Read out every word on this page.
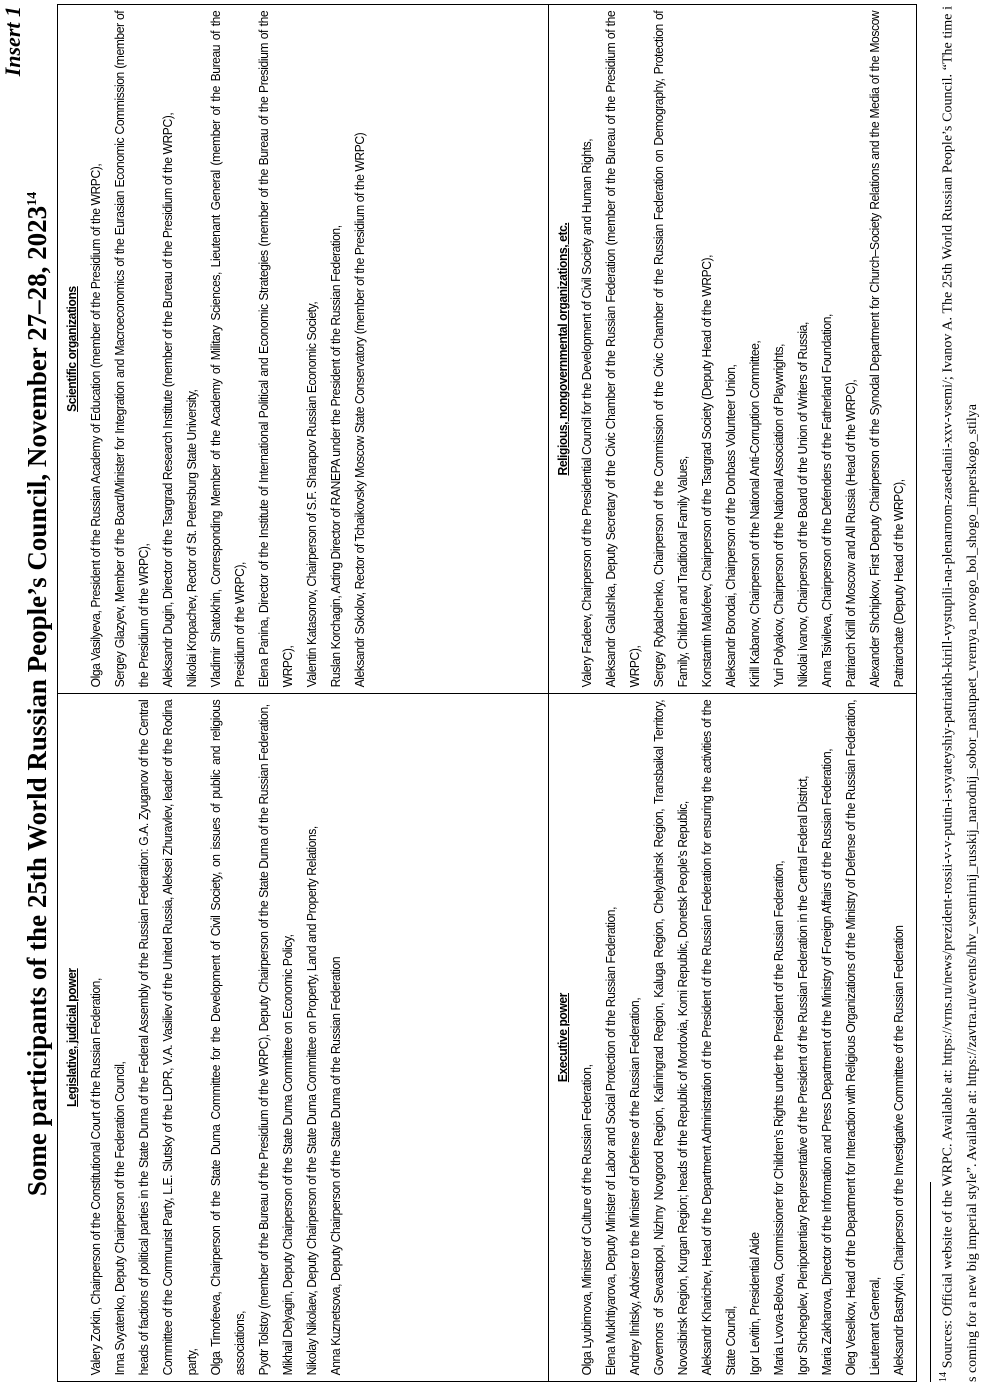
Insert 1
Some participants of the 25th World Russian People’s Council, November 27–28, 2023$^{14}$

Legislative, judicial power Valery Zorkin, Chairperson of the Constitutional Court of the Russian Federation, Inna Svyatenko, Deputy Chairperson of the Federation Council, heads of factions of political parties in the State Duma of the Federal Assembly of the Russian Federation: G.A. Zyuganov of the Central Committee of the Communist Party, L.E. Slutsky of the LDPR, V.A. Vasiliev of the United Russia, Aleksei Zhuravlev, leader of the Rodina party, Olga Timofeeva, Chairperson of the State Duma Committee for the Development of Civil Society, on issues of public and religious associations, Pyotr Tolstoy (member of the Bureau of the Presidium of the WRPC), Deputy Chairperson of the State Duma of the Russian Federation, Mikhail Delyagin, Deputy Chairperson of the State Duma Committee on Economic Policy, Nikolay Nikolaev, Deputy Chairperson of the State Duma Committee on Property, Land and Property Relations, Anna Kuznetsova, Deputy Chairperson of the State Duma of the Russian Federation

Scientific organizations Olga Vasilyeva, President of the Russian Academy of Education (member of the Presidium of the WRPC), Sergey Glazyev, Member of the Board/Minister for Integration and Macroeconomics of the Eurasian Economic Commission (member of the Presidium of the WRPC), Aleksandr Dugin, Director of the Tsargrad Research Institute (member of the Bureau of the Presidium of the WRPC), Nikolai Kropachev, Rector of St. Petersburg State University, Vladimir Shatokhin, Corresponding Member of the Academy of Military Sciences, Lieutenant General (member of the Bureau of the Presidium of the WRPC), Elena Panina, Director of the Institute of International Political and Economic Strategies (member of the Bureau of the Presidium of the WRPC), Valentin Katasonov, Chairperson of S.F. Sharapov Russian Economic Society, Ruslan Korchagin, Acting Director of RANEPA under the President of the Russian Federation, Aleksandr Sokolov, Rector of Tchaikovsky Moscow State Conservatory (member of the Presidium of the WRPC)

Executive power

Olga Lyubimova, Minister of Culture of the Russian Federation, Elena Mukhtiyarova, Deputy Minister of Labor and Social Protection of the Russian Federation, Andrey Ilnitsky, Adviser to the Minister of Defense of the Russian Federation, Governors of Sevastopol, Nizhny Novgorod Region, Kaliningrad Region, Kaluga Region, Chelyabinsk Region, Transbaikal Territory, Novosibirsk Region, Kurgan Region; heads of the Republic of Mordovia, Komi Republic, Donetsk People’s Republic, Aleksandr Kharichev, Head of the Department Administration of the President of the Russian Federation for ensuring the activities of the State Council, Igor Levitin, Presidential Aide Maria Lvova-Belova, Commissioner for Children’s Rights under the President of the Russian Federation, Igor Shchegolev, Plenipotentiary Representative of the President of the Russian Federation in the Central Federal District, Maria Zakharova, Director of the Information and Press Department of the Ministry of Foreign Affairs of the Russian Federation, Oleg Veselkov, Head of the Department for Interaction with Religious Organizations of the Ministry of Defense of the Russian Federation, Lieutenant General, Aleksandr Bastrykin, Chairperson of the Investigative Committee of the Russian Federation

Religious, nongovernmental organizations, etc. Valery Fadeev, Chairperson of the Presidential Council for the Development of Civil Society and Human Rights, Aleksandr Galushka, Deputy Secretary of the Civic Chamber of the Russian Federation (member of the Bureau of the Presidium of the WRPC), Sergey Rybalchenko, Chairperson of the Commission of the Civic Chamber of the Russian Federation on Demography, Protection of Family, Children and Traditional Family Values, Konstantin Malofeev, Chairperson of the Tsargrad Society (Deputy Head of the WRPC), Aleksandr Borodai, Chairperson of the Donbass Volunteer Union, Kirill Kabanov, Chairperson of the National Anti-Corruption Committee, Yuri Polyakov, Chairperson of the National Association of Playwrights, Nikolai Ivanov, Chairperson of the Board of the Union of Writers of Russia, Anna Tsivileva, Chairperson of the Defenders of the Fatherland Foundation, Patriarch Kirill of Moscow and All Russia (Head of the WRPC), Alexander Shchipkov, First Deputy Chairperson of the Synodal Department for Church–Society Relations and the Media of the Moscow Patriarchate (Deputy Head of the WRPC),

$^{14}$ Sources: Official website of the WRPC. Available at: https://vrns.ru/news/prezident-rossii-v-v-putin-i-svyateyshiy-patriarkh-kirill-vystupili-na-plenarnom-zasedanii-xxv-vsemi/; Ivanov A. The 25th World Russian People’s Council. “The time is coming for a new big imperial style”. Available at: https://zavtra.ru/events/hhv_vsemirnij_russkij_narodnij_sobor_nastupaet_vremya_novogo_bol_shogo_imperskogo_stilya
